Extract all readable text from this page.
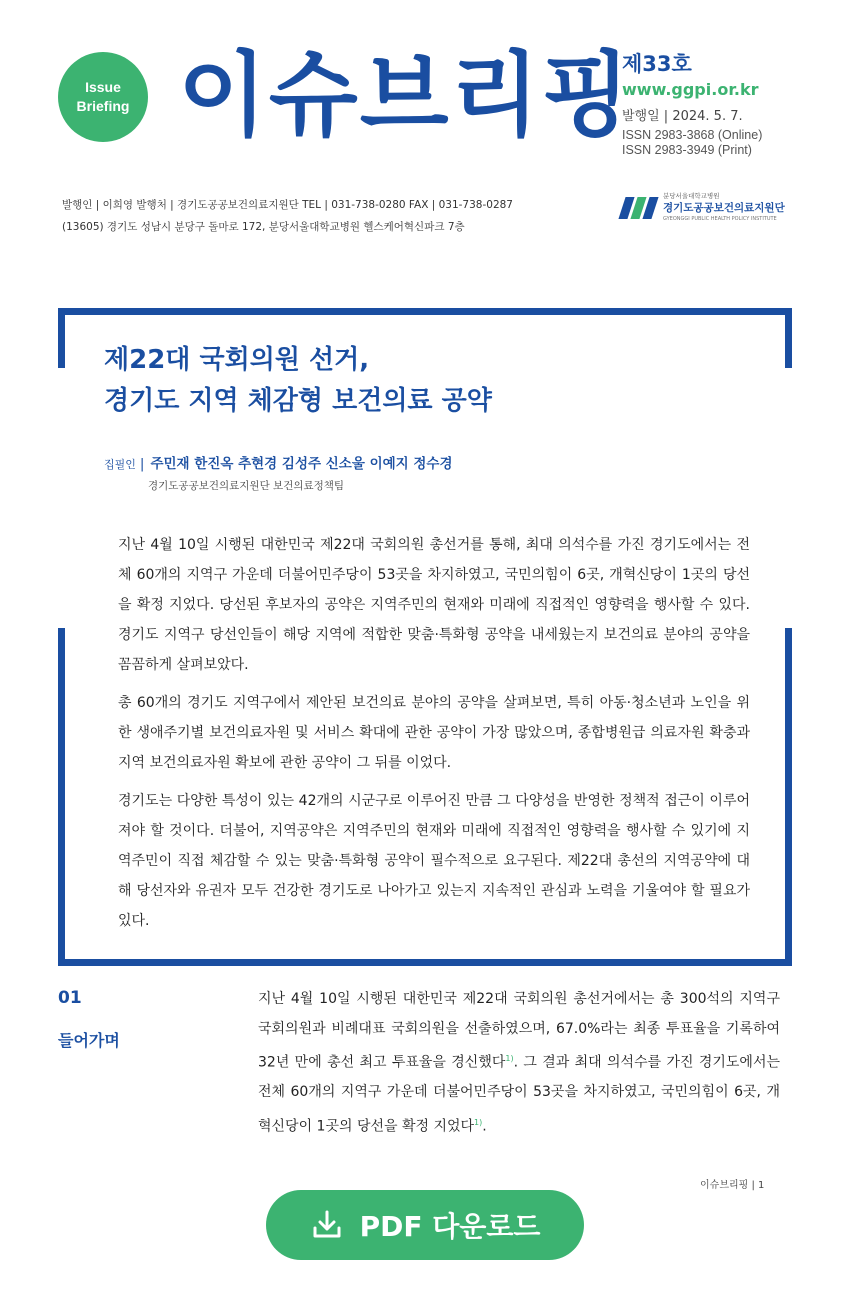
Issue
Briefing 이슈브리핑
제33호
www.ggpi.or.kr
발행일 | 2024. 5. 7.
ISSN 2983-3868 (Online)
ISSN 2983-3949 (Print)
발행인 | 이희영 발행처 | 경기도공공보건의료지원단 TEL | 031-738-0280 FAX | 031-738-0287
(13605) 경기도 성남시 분당구 돌마로 172, 분당서울대학교병원 헬스케어혁신파크 7층
분당서울대학교병원
경기도공공보건의료지원단
GYEONGGI PUBLIC HEALTH POLICY INSTITUTE
제22대 국회의원 선거,
경기도 지역 체감형 보건의료 공약
집필인 | 주민재 한진옥 추현경 김성주 신소울 이예지 정수경
경기도공공보건의료지원단 보건의료정책팀

지난 4월 10일 시행된 대한민국 제22대 국회의원 총선거를 통해, 최대 의석수를 가진 경기도에서는 전체 60개의 지역구 가운데 더불어민주당이 53곳을 차지하였고, 국민의힘이 6곳, 개혁신당이 1곳의 당선을 확정 지었다. 당선된 후보자의 공약은 지역주민의 현재와 미래에 직접적인 영향력을 행사할 수 있다. 경기도 지역구 당선인들이 해당 지역에 적합한 맞춤·특화형 공약을 내세웠는지 보건의료 분야의 공약을 꼼꼼하게 살펴보았다.

총 60개의 경기도 지역구에서 제안된 보건의료 분야의 공약을 살펴보면, 특히 아동·청소년과 노인을 위한 생애주기별 보건의료자원 및 서비스 확대에 관한 공약이 가장 많았으며, 종합병원급 의료자원 확충과 지역 보건의료자원 확보에 관한 공약이 그 뒤를 이었다.

경기도는 다양한 특성이 있는 42개의 시군구로 이루어진 만큼 그 다양성을 반영한 정책적 접근이 이루어져야 할 것이다. 더불어, 지역공약은 지역주민의 현재와 미래에 직접적인 영향력을 행사할 수 있기에 지역주민이 직접 체감할 수 있는 맞춤·특화형 공약이 필수적으로 요구된다. 제22대 총선의 지역공약에 대해 당선자와 유권자 모두 건강한 경기도로 나아가고 있는지 지속적인 관심과 노력을 기울여야 할 필요가 있다.

01
들어가며
지난 4월 10일 시행된 대한민국 제22대 국회의원 총선거에서는 총 300석의 지역구 국회의원과 비례대표 국회의원을 선출하였으며, 67.0%라는 최종 투표율을 기록하여 32년 만에 총선 최고 투표율을 경신했다$^{1)}$. 그 결과 최대 의석수를 가진 경기도에서는 전체 60개의 지역구 가운데 더불어민주당이 53곳을 차지하였고, 국민의힘이 6곳, 개혁신당이 1곳의 당선을 확정 지었다$^{1)}$.
이슈브리핑 | 1
PDF 다운로드
